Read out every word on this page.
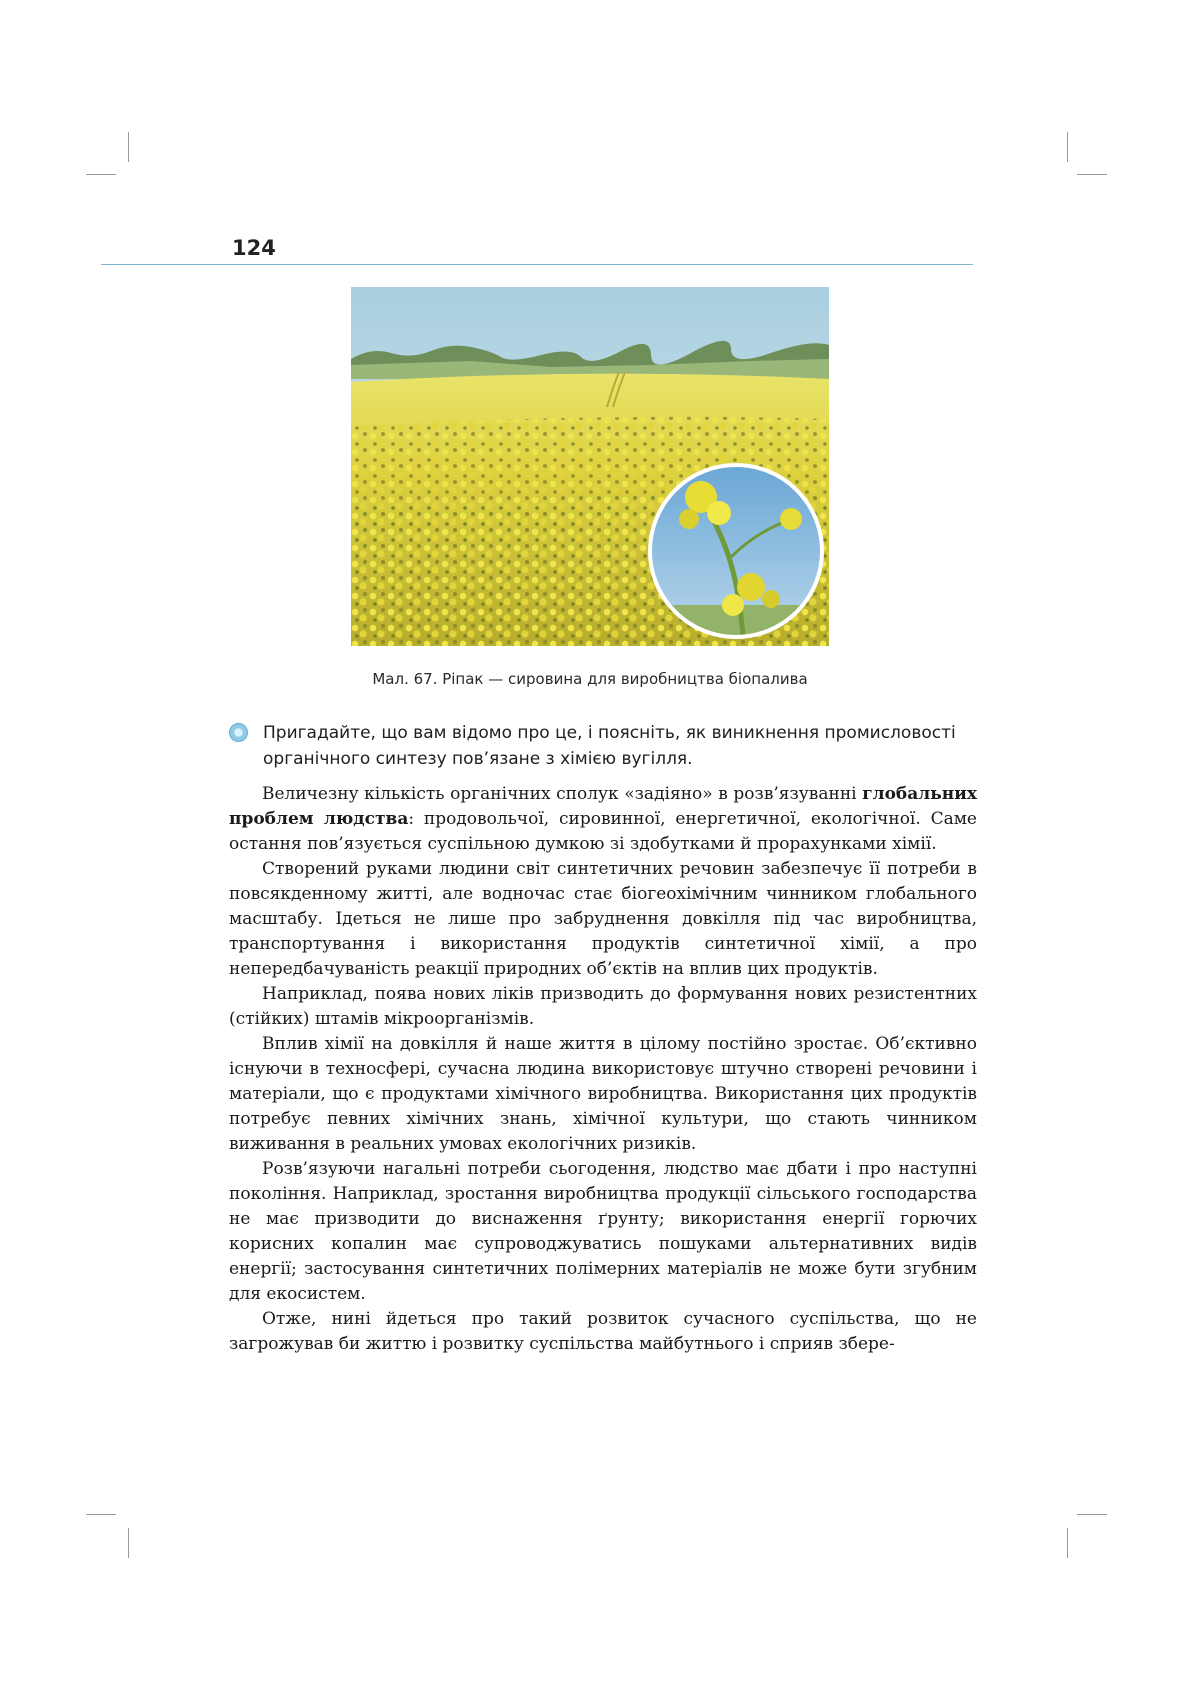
124
Мал. 67. Ріпак — сировина для виробництва біопалива

Пригадайте, що вам відомо про це, і поясніть, як виникнення промисловості органічного синтезу пов’язане з хімією вугілля.

Величезну кількість органічних сполук «задіяно» в розв’язуванні глобальних проблем людства: продовольчої, сировинної, енергетичної, екологічної. Саме остання пов’язується суспільною думкою зі здобутками й прорахунками хімії.

Створений руками людини світ синтетичних речовин забезпечує її потреби в повсякденному житті, але водночас стає біогеохімічним чинником глобального масштабу. Ідеться не лише про забруднення довкілля під час виробництва, транспортування і використання продуктів синтетичної хімії, а про непередбачуваність реакції природних об’єктів на вплив цих продуктів.

Наприклад, поява нових ліків призводить до формування нових резистентних (стійких) штамів мікроорганізмів.

Вплив хімії на довкілля й наше життя в цілому постійно зростає. Об’єктивно існуючи в техносфері, сучасна людина використовує штучно створені речовини і матеріали, що є продуктами хімічного виробництва. Використання цих продуктів потребує певних хімічних знань, хімічної культури, що стають чинником виживання в реальних умовах екологічних ризиків.

Розв’язуючи нагальні потреби сьогодення, людство має дбати і про наступні покоління. Наприклад, зростання виробництва продукції сільського господарства не має призводити до виснаження ґрунту; використання енергії горючих корисних копалин має супроводжуватись пошуками альтернативних видів енергії; застосування синтетичних полімерних матеріалів не може бути згубним для екосистем.

Отже, нині йдеться про такий розвиток сучасного суспільства, що не загрожував би життю і розвитку суспільства майбутнього і сприяв збере-
